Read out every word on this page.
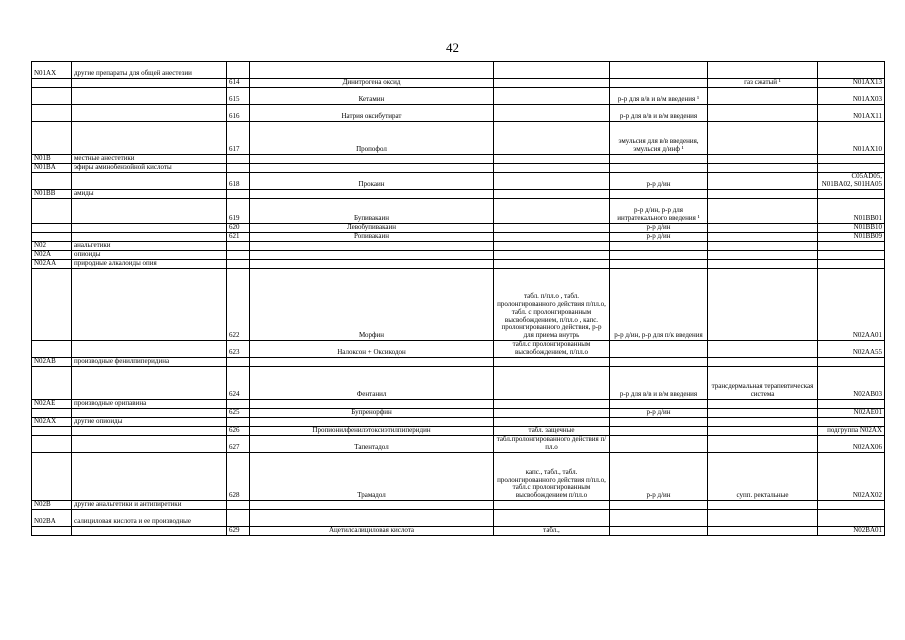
42
N01AX	другие препараты для общей анестезии						
		614	Динитрогена оксид			газ сжатый ¹	N01AX13
		615	Кетамин		р-р для в/в и в/м введения ¹		N01AX03
		616	Натрия оксибутират		р-р для в/в и в/м введения		N01AX11
		617	Пропофол		эмульсия для в/в введения, эмульсия д/инф ¹		N01AX10
N01B	местные анестетики						
N01BA	эфиры аминобензойной кислоты						
		618	Прокаин		р-р д/ин		C05AD05, N01BA02, S01HA05
N01BB	амиды						
		619	Бупивакаин		р-р д/ин, р-р для интратекального введения ¹		N01BB01
		620	Левобупивакаин		р-р д/ин		N01BB10
		621	Ропивакаин		р-р д/ин		N01BB09
N02	анальгетики						
N02A	опиоиды						
N02AA	природные алкалоиды опия						
		622	Морфин	табл. п/пл.о , табл. пролонгированного действия п/пл.о, табл. с пролонгированным высвобождением, п/пл.о , капс. пролонгированного действия, р-р для приема внутрь	р-р д/ин, р-р для п/к введения		N02AA01
		623	Налоксон + Оксикодон	табл.с пролонгированным высвобождением, п/пл.о			N02AA55
N02AB	производные фенилпиперидина						
		624	Фентанил		р-р для в/в и в/м введения	трансдермальная терапевтическая система	N02AB03
N02AE	производные орипавина						
		625	Бупренорфин		р-р д/ин		N02AE01
N02AX	другие опиоиды						
		626	Пропионилфенилэтоксиэтилпиперидин	табл. защечные			подгруппа N02AX
		627	Тапентадол	табл.пролонгированного действия п/пл.о			N02AX06
		628	Трамадол	капс., табл., табл. пролонгированного действия п/пл.о, табл.с пролонгированным высвобождением п/пл.о	р-р д/ин	супп. ректальные	N02AX02
N02B	другие анальгетики и антипиретики						
N02BA	салициловая кислота и ее производные						
		629	Ацетилсалициловая кислота	табл.,			N02BA01
